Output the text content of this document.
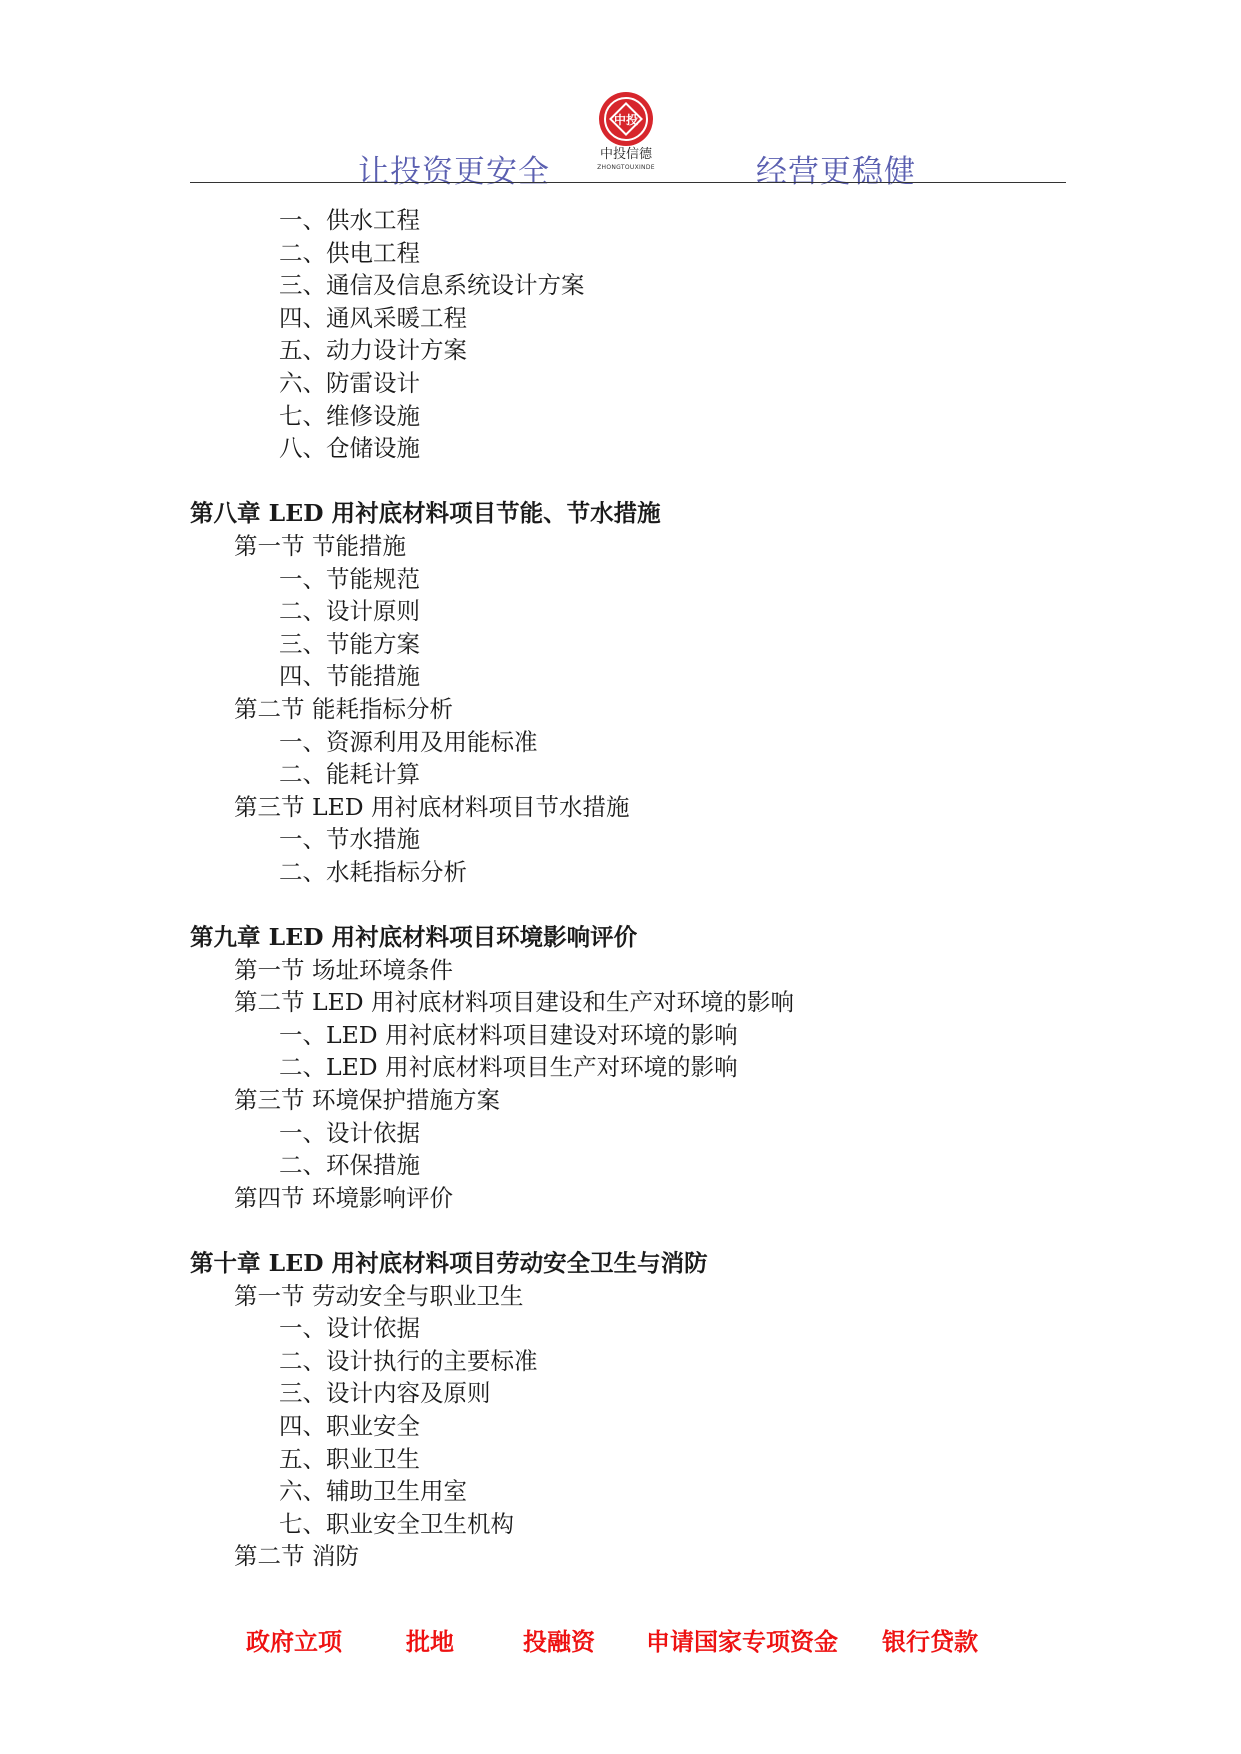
让投资更安全
中投
中投信德
ZHONGTOUXINDE	经营更稳健
一、供水工程
二、供电工程
三、通信及信息系统设计方案
四、通风采暖工程
五、动力设计方案
六、防雷设计
七、维修设施
八、仓储设施
第八章 LED 用衬底材料项目节能、节水措施
第一节 节能措施
一、节能规范
二、设计原则
三、节能方案
四、节能措施
第二节 能耗指标分析
一、资源利用及用能标准
二、能耗计算
第三节 LED 用衬底材料项目节水措施
一、节水措施
二、水耗指标分析
第九章 LED 用衬底材料项目环境影响评价
第一节 场址环境条件
第二节 LED 用衬底材料项目建设和生产对环境的影响
一、LED 用衬底材料项目建设对环境的影响
二、LED 用衬底材料项目生产对环境的影响
第三节 环境保护措施方案
一、设计依据
二、环保措施
第四节 环境影响评价
第十章 LED 用衬底材料项目劳动安全卫生与消防
第一节 劳动安全与职业卫生
一、设计依据
二、设计执行的主要标准
三、设计内容及原则
四、职业安全
五、职业卫生
六、辅助卫生用室
七、职业安全卫生机构
第二节 消防
政府立项	批地	投融资 申请国家专项资金 银行贷款
